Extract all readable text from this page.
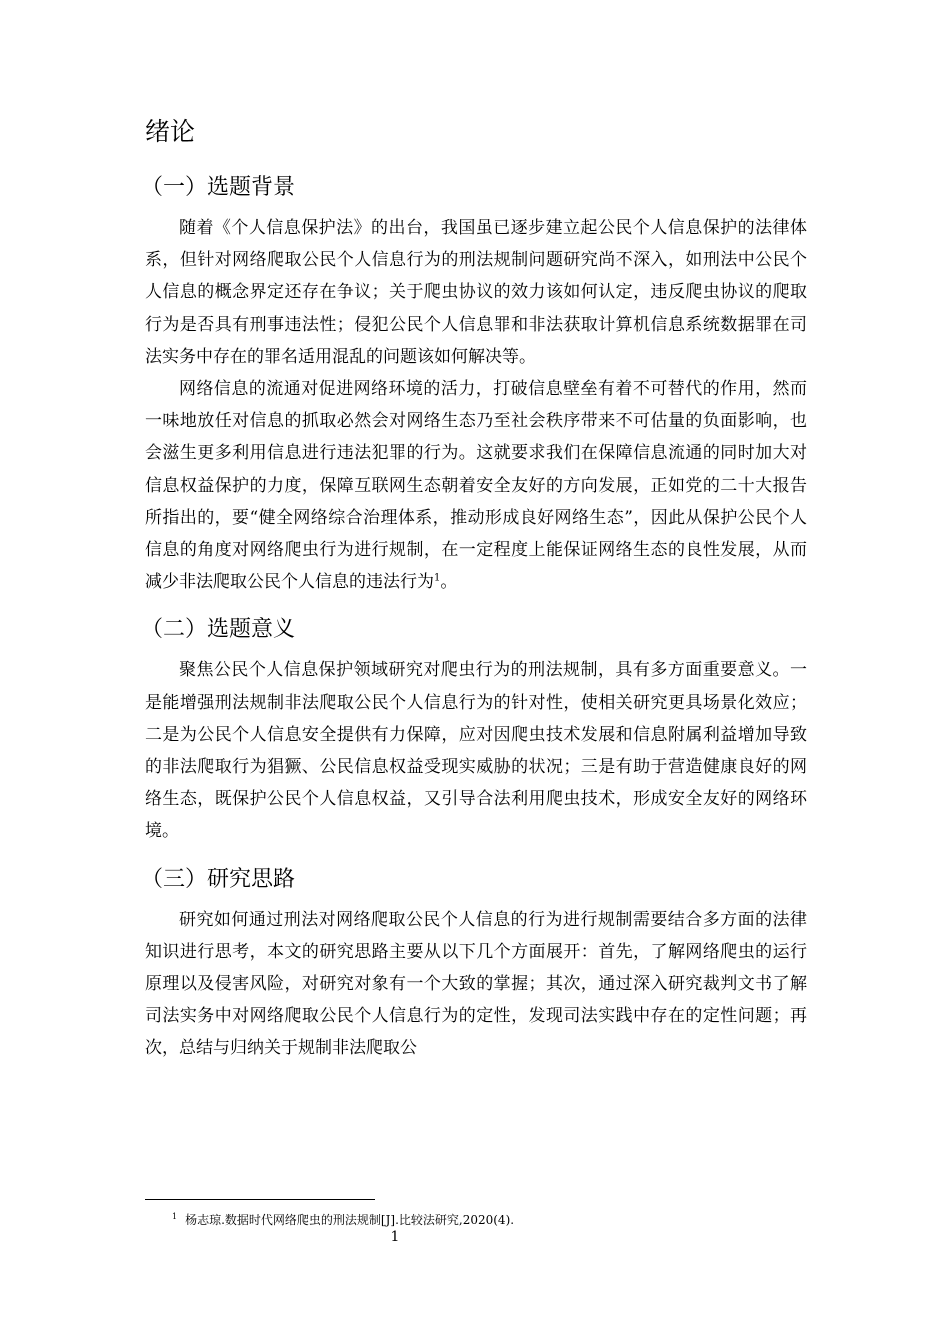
绪论
（一）选题背景

随着《个人信息保护法》的出台，我国虽已逐步建立起公民个人信息保护的法律体系，但针对网络爬取公民个人信息行为的刑法规制问题研究尚不深入，如刑法中公民个人信息的概念界定还存在争议；关于爬虫协议的效力该如何认定，违反爬虫协议的爬取行为是否具有刑事违法性；侵犯公民个人信息罪和非法获取计算机信息系统数据罪在司法实务中存在的罪名适用混乱的问题该如何解决等。

网络信息的流通对促进网络环境的活力，打破信息壁垒有着不可替代的作用，然而一味地放任对信息的抓取必然会对网络生态乃至社会秩序带来不可估量的负面影响，也会滋生更多利用信息进行违法犯罪的行为。这就要求我们在保障信息流通的同时加大对信息权益保护的力度，保障互联网生态朝着安全友好的方向发展，正如党的二十大报告所指出的，要“健全网络综合治理体系，推动形成良好网络生态”，因此从保护公民个人信息的角度对网络爬虫行为进行规制，在一定程度上能保证网络生态的良性发展，从而减少非法爬取公民个人信息的违法行为$^1$。

（二）选题意义

聚焦公民个人信息保护领域研究对爬虫行为的刑法规制，具有多方面重要意义。一是能增强刑法规制非法爬取公民个人信息行为的针对性，使相关研究更具场景化效应；二是为公民个人信息安全提供有力保障，应对因爬虫技术发展和信息附属利益增加导致的非法爬取行为猖獗、公民信息权益受现实威胁的状况；三是有助于营造健康良好的网络生态，既保护公民个人信息权益，又引导合法利用爬虫技术，形成安全友好的网络环境。

（三）研究思路

研究如何通过刑法对网络爬取公民个人信息的行为进行规制需要结合多方面的法律知识进行思考，本文的研究思路主要从以下几个方面展开：首先，了解网络爬虫的运行原理以及侵害风险，对研究对象有一个大致的掌握；其次，通过深入研究裁判文书了解司法实务中对网络爬取公民个人信息行为的定性，发现司法实践中存在的定性问题；再次，总结与归纳关于规制非法爬取公

$^1$ 杨志琼.数据时代网络爬虫的刑法规制[J].比较法研究,2020(4).
1
